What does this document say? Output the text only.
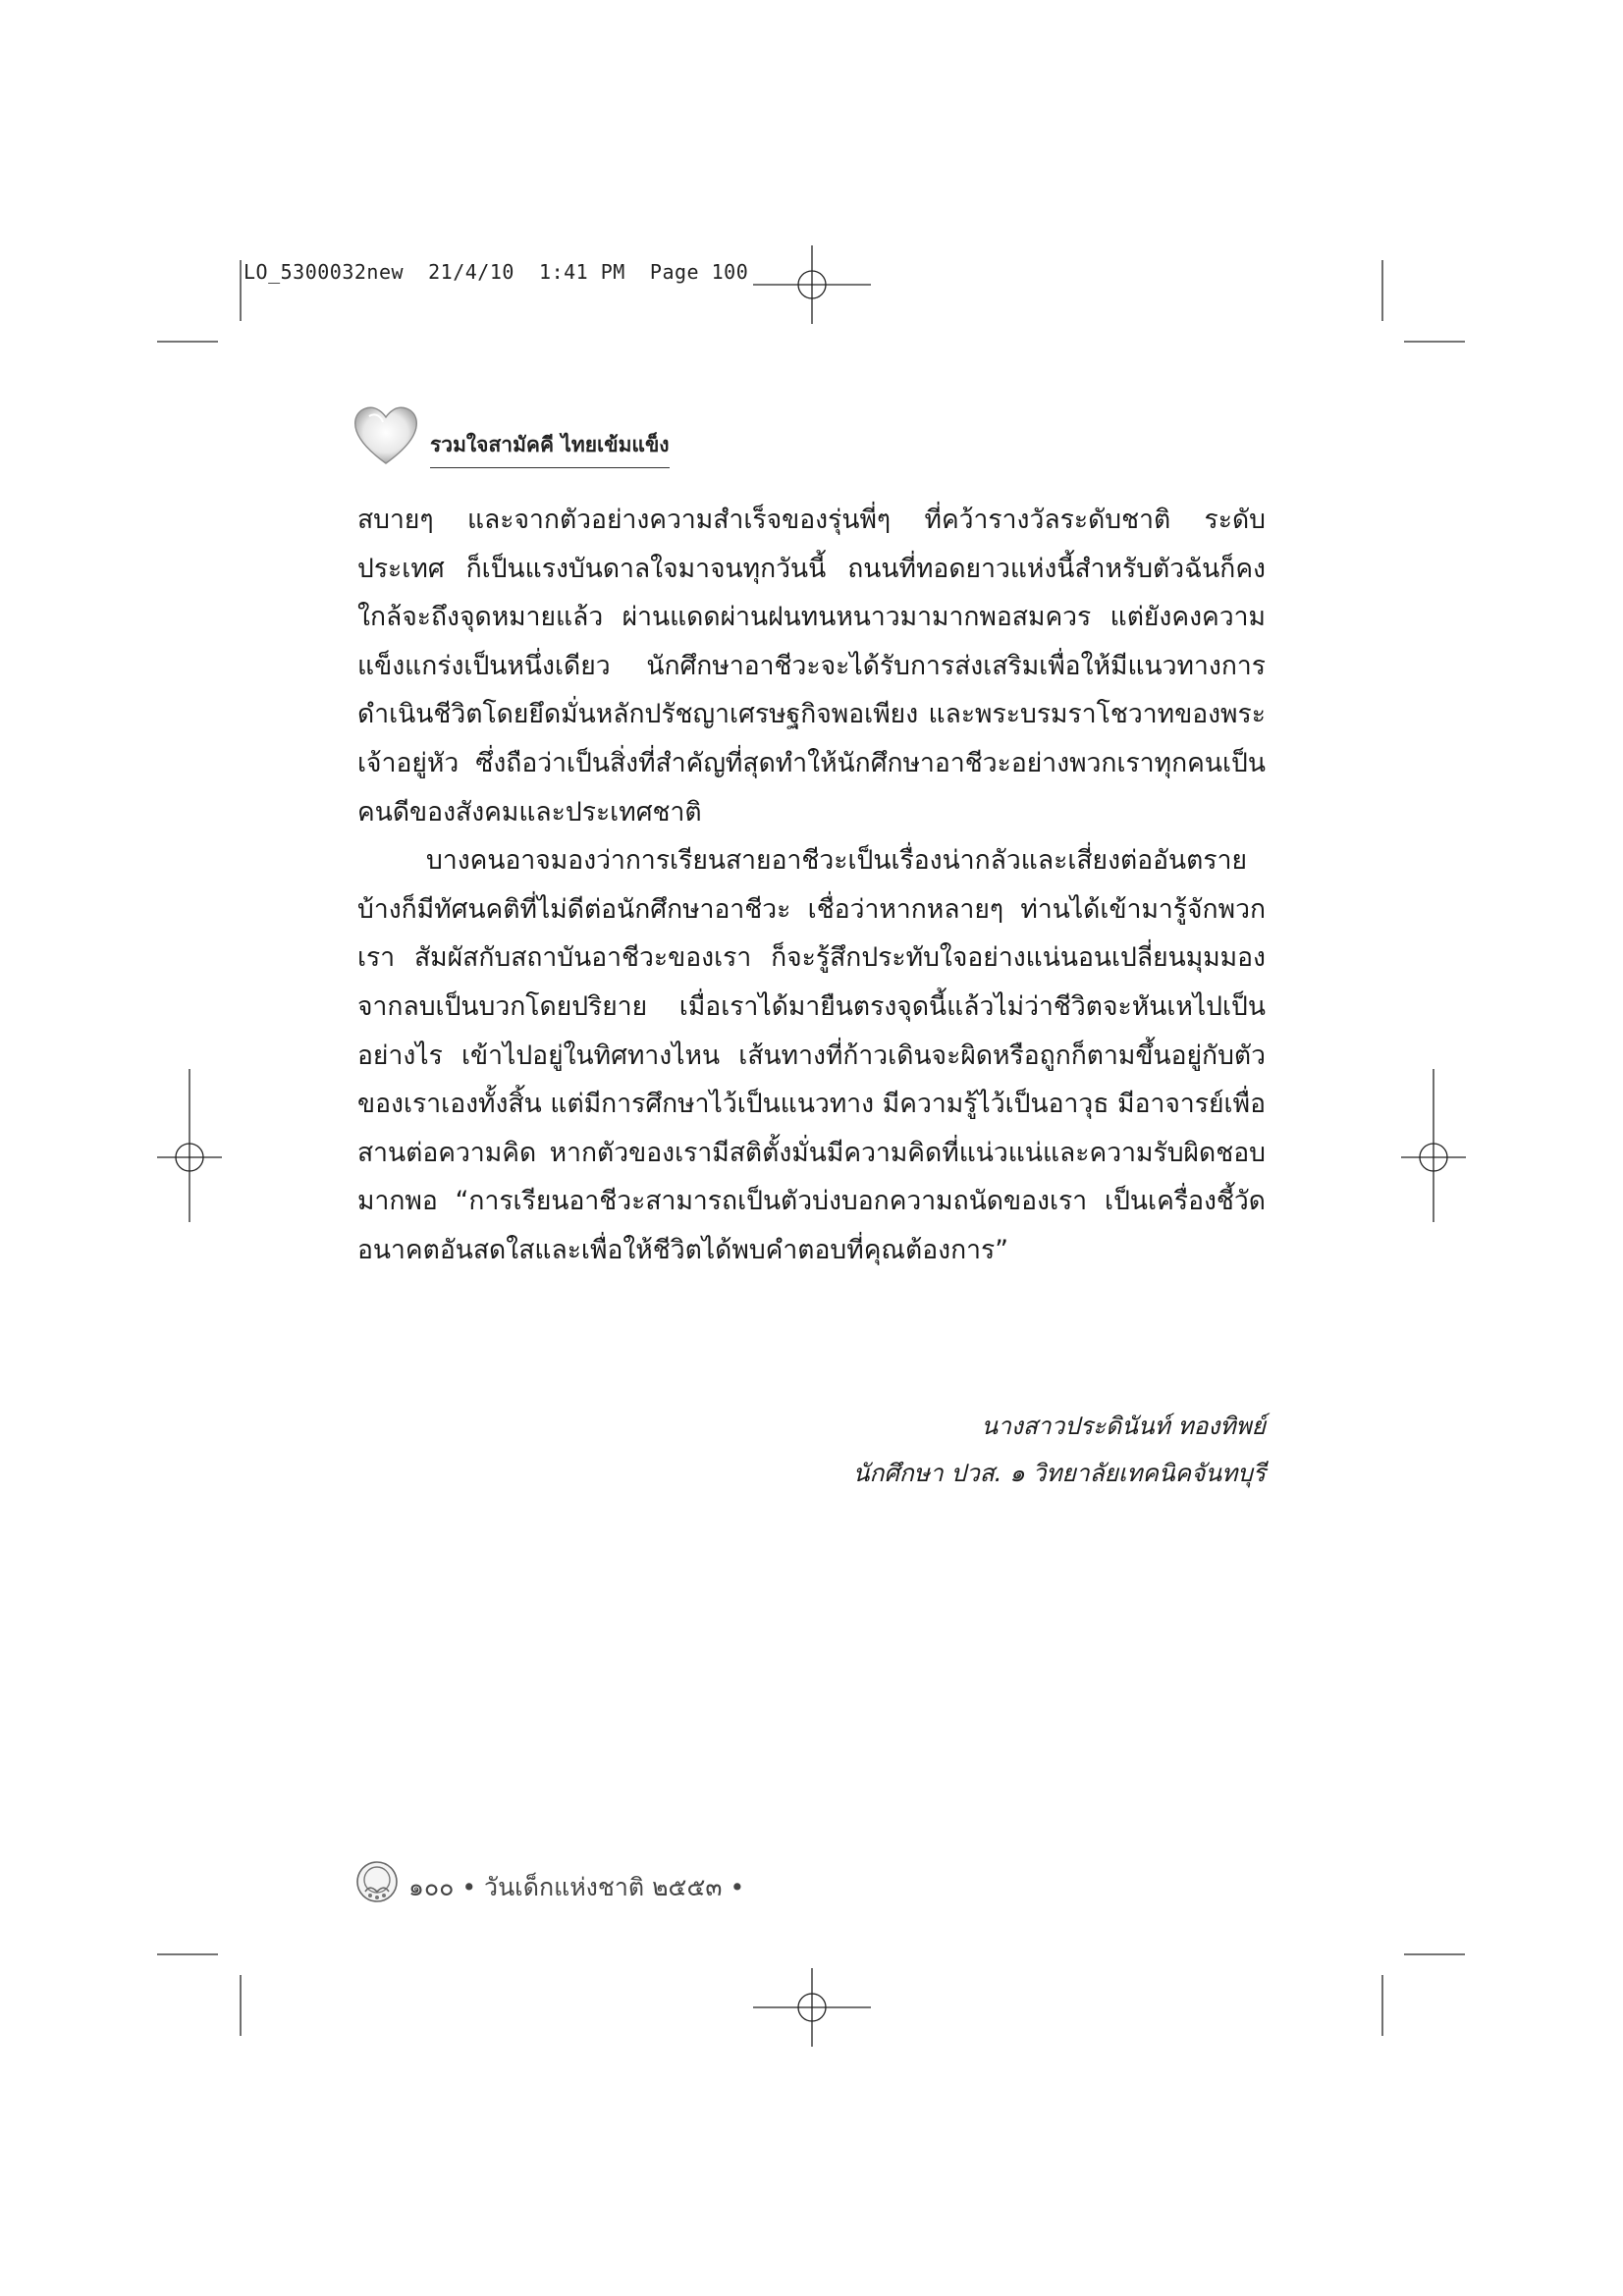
LO_5300032new 21/4/10 1:41 PM Page 100
รวมใจสามัคคี ไทยเข้มแข็ง
สบายๆ และจากตัวอย่างความสำเร็จของรุ่นพี่ๆ ที่คว้ารางวัลระดับชาติ ระดับ
ประเทศ ก็เป็นแรงบันดาลใจมาจนทุกวันนี้ ถนนที่ทอดยาวแห่งนี้สำหรับตัวฉันก็คง
ใกล้จะถึงจุดหมายแล้ว ผ่านแดดผ่านฝนทนหนาวมามากพอสมควร แต่ยังคงความ
แข็งแกร่งเป็นหนึ่งเดียว นักศึกษาอาชีวะจะได้รับการส่งเสริมเพื่อให้มีแนวทางการ
ดำเนินชีวิตโดยยึดมั่นหลักปรัชญาเศรษฐกิจพอเพียง และพระบรมราโชวาทของพระ
เจ้าอยู่หัว ซึ่งถือว่าเป็นสิ่งที่สำคัญที่สุดทำให้นักศึกษาอาชีวะอย่างพวกเราทุกคนเป็น
คนดีของสังคมและประเทศชาติ
บางคนอาจมองว่าการเรียนสายอาชีวะเป็นเรื่องน่ากลัวและเสี่ยงต่ออันตราย
บ้างก็มีทัศนคติที่ไม่ดีต่อนักศึกษาอาชีวะ เชื่อว่าหากหลายๆ ท่านได้เข้ามารู้จักพวก
เรา สัมผัสกับสถาบันอาชีวะของเรา ก็จะรู้สึกประทับใจอย่างแน่นอนเปลี่ยนมุมมอง
จากลบเป็นบวกโดยปริยาย เมื่อเราได้มายืนตรงจุดนี้แล้วไม่ว่าชีวิตจะหันเหไปเป็น
อย่างไร เข้าไปอยู่ในทิศทางไหน เส้นทางที่ก้าวเดินจะผิดหรือถูกก็ตามขึ้นอยู่กับตัว
ของเราเองทั้งสิ้น แต่มีการศึกษาไว้เป็นแนวทาง มีความรู้ไว้เป็นอาวุธ มีอาจารย์เพื่อ
สานต่อความคิด หากตัวของเรามีสติตั้งมั่นมีความคิดที่แน่วแน่และความรับผิดชอบ
มากพอ “การเรียนอาชีวะสามารถเป็นตัวบ่งบอกความถนัดของเรา เป็นเครื่องชี้วัด
อนาคตอันสดใสและเพื่อให้ชีวิตได้พบคำตอบที่คุณต้องการ”
นางสาวประดินันท์ ทองทิพย์
นักศึกษา ปวส. ๑ วิทยาลัยเทคนิคจันทบุรี
๑๐๐ • วันเด็กแห่งชาติ ๒๕๕๓ •
